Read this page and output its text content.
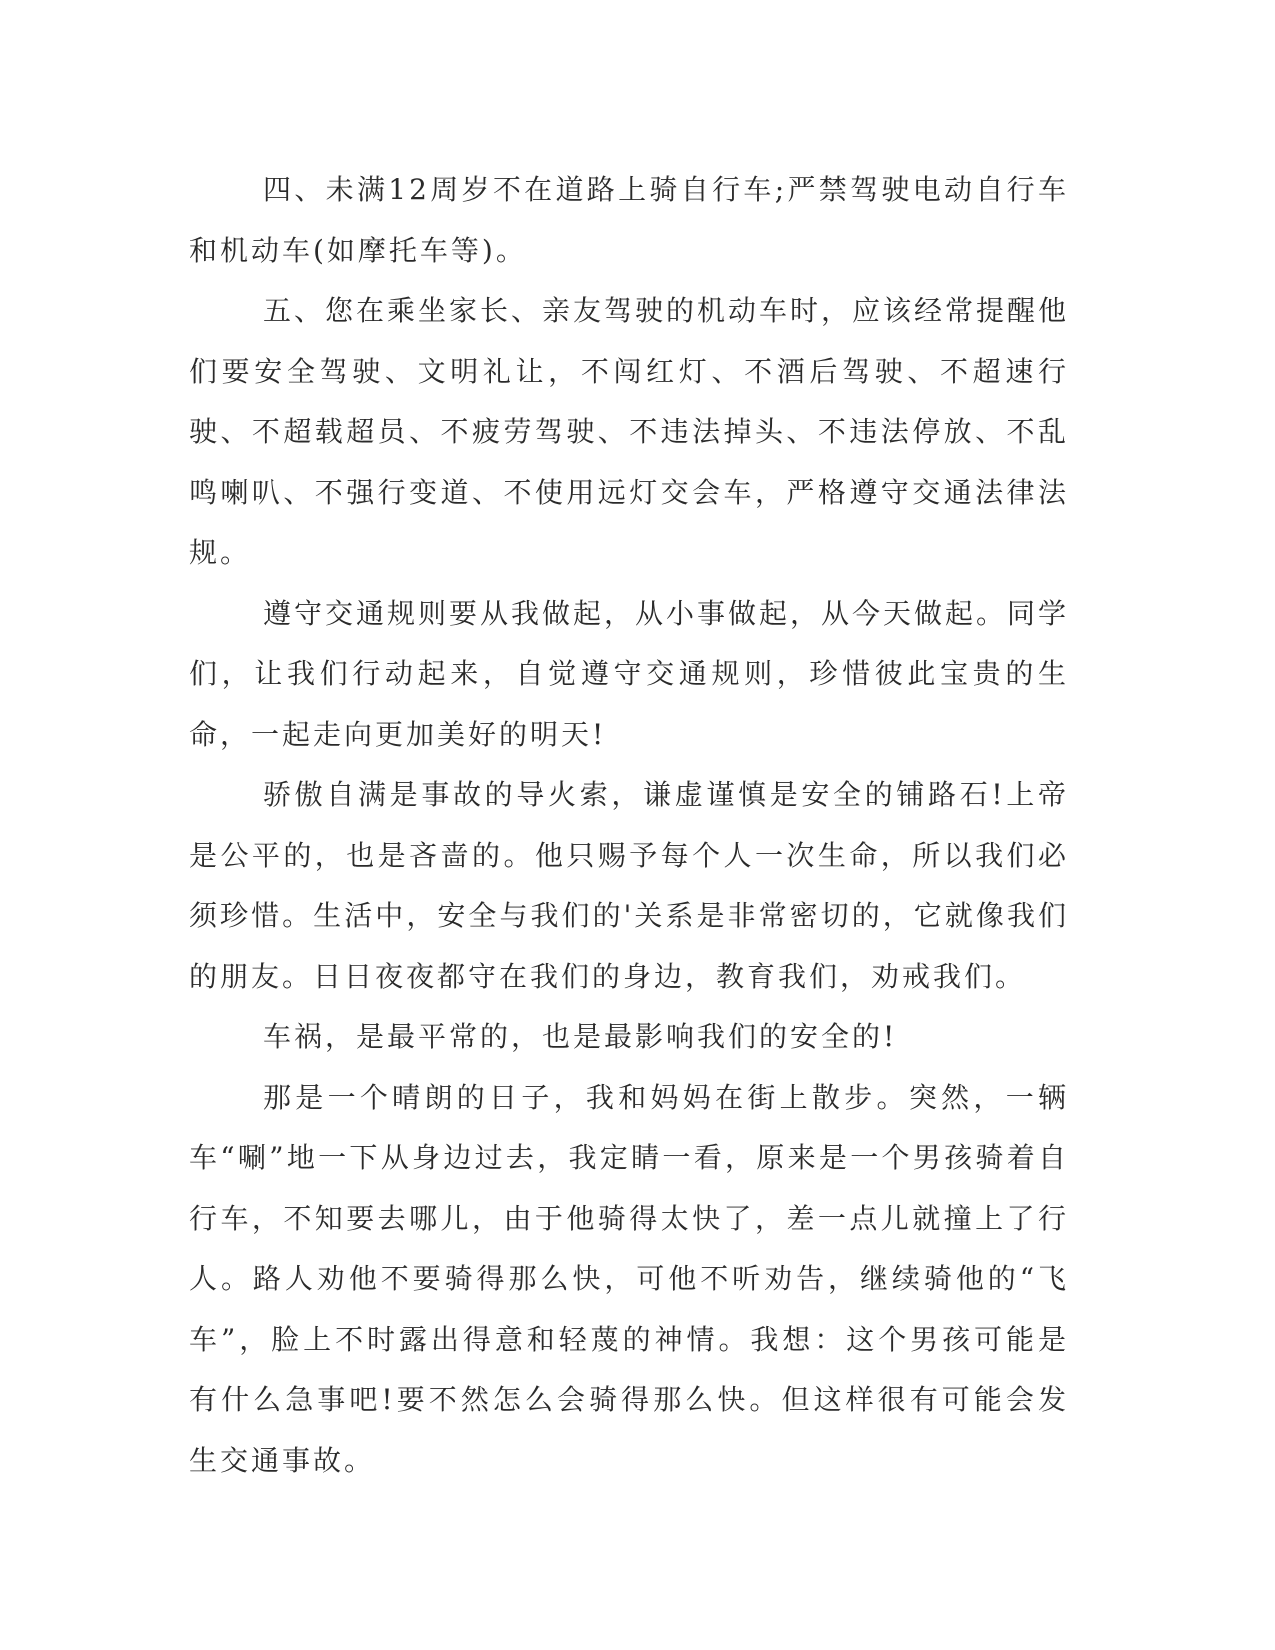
四、未满12周岁不在道路上骑自行车;严禁驾驶电动自行车和机动车(如摩托车等)。

五、您在乘坐家长、亲友驾驶的机动车时，应该经常提醒他们要安全驾驶、文明礼让，不闯红灯、不酒后驾驶、不超速行驶、不超载超员、不疲劳驾驶、不违法掉头、不违法停放、不乱鸣喇叭、不强行变道、不使用远灯交会车，严格遵守交通法律法规。

遵守交通规则要从我做起，从小事做起，从今天做起。同学们，让我们行动起来，自觉遵守交通规则，珍惜彼此宝贵的生命，一起走向更加美好的明天!

骄傲自满是事故的导火索，谦虚谨慎是安全的铺路石!上帝是公平的，也是吝啬的。他只赐予每个人一次生命，所以我们必须珍惜。生活中，安全与我们的'关系是非常密切的，它就像我们的朋友。日日夜夜都守在我们的身边，教育我们，劝戒我们。

车祸，是最平常的，也是最影响我们的安全的!

那是一个晴朗的日子，我和妈妈在街上散步。突然，一辆车“唰”地一下从身边过去，我定睛一看，原来是一个男孩骑着自行车，不知要去哪儿，由于他骑得太快了，差一点儿就撞上了行人。路人劝他不要骑得那么快，可他不听劝告，继续骑他的“飞车”，脸上不时露出得意和轻蔑的神情。我想：这个男孩可能是有什么急事吧!要不然怎么会骑得那么快。但这样很有可能会发生交通事故。
